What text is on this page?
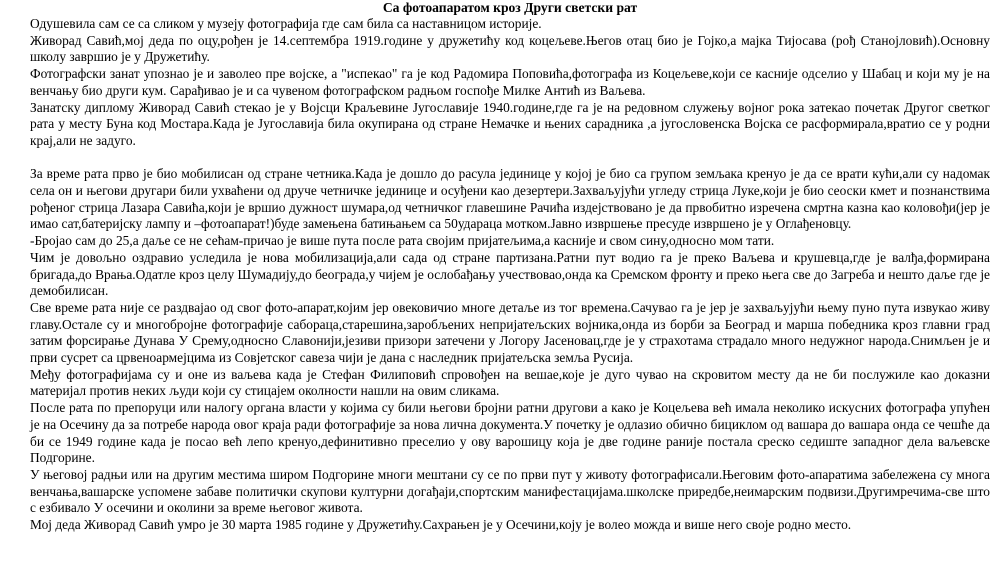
Са фотоапаратом кроз Други светски рат

Одушевила сам се са сликом у музеју фотографија где сам била са наставницом историје.

Живорад Савић,мој деда по оцу,рођен је 14.септембра 1919.године у дружетићу код коцељеве.Његов отац био је Гојко,а мајка Тијосава (рођ Станојловић).Основну школу завршио је у Дружетићу.

Фотографски занат упознао је и заволео пре војске, а "испекао" га је код Радомира Поповића,фотографа из Коцељеве,који се касније одселио у Шабац и који му је на венчању био други кум. Сарађивао је и са чувеном фотографском радњом госпође Милке Антић из Ваљева.

Занатску диплому Живорад Савић стекао је у Војсци Краљевине Југославије 1940.године,где га је на редовном служењу војног рока затекао почетак Другог светког рата у месту Буна код Мостара.Када је Југославија била окупирана од стране Немачке и њених сарадника ,а југословенска Војска се расформирала,вратио се у родни крај,али не задуго.

За време рата прво је био мобилисан од стране четника.Када је дошло до расула јединице у којој је био са групом земљака кренуо је да се врати кући,али су надомак села он и његови другари били ухваћени од друче четничке јединице и осуђени као дезертери.Захваљујући угледу стрица Луке,који је био сеоски кмет и познанствима рођеног стрица Лазара Савића,који је вршио дужност шумара,од четничког главешине Рачића издејствовано је да првобитно изречена смртна казна као коловођи(јер је имао сат,батеријску лампу и –фотоапарат!)буде замењена батињањем са 50удараца мотком.Јавно извршење пресуде извршено је у Оглађеновцу.

-Бројао сам до 25,а даље се не сећам-причао је више пута после рата својим пријатељима,а касније и свом сину,односно мом тати.

Чим је довољно оздравио уследила је нова мобилизација,али сада од стране партизана.Ратни пут водио га је преко Ваљева и крушевца,где је валђа,формирана бригада,до Врања.Одатле кроз целу Шумадију,до београда,у чијем је ослобађању учествовао,онда ка Сремском фронту и преко њега све до Загреба и нешто даље где је демобилисан.

Све време рата није се раздвајао од свог фото-апарат,којим јер овековичио многе детаље из тог времена.Сачувао га је јер је захваљујући њему пуно пута извукао живу главу.Остале су и многобројне фотографије сабораца,старешина,заробљених непријатељских војника,онда из борби за Београд и марша победника кроз главни град затим форсирање Дунава У Срему,односно Славонији,језиви призори затечени у Логору Јасеновац,где је у страхотама страдало много недужног народа.Снимљен је и први сусрет са црвеноармејцима из Совјетског савеза чији је дана с наследник пријатељска земља Русија.

Међу фотографијама су и оне из ваљева када је Стефан Филиповић спровођен на вешае,које је дуго чувао на скровитом месту да не би послужиле као доказни материјал против неких људи који су стицајем околности нашли на овим сликама.

После рата по препоруци или налогу органа власти у којима су били његови бројни ратни другови а како је Коцељева већ имала неколико искусних фотографа упућен је на Осечину да за потребе народа овог краја ради фотографије за нова лична документа.У почетку је одлазио обично бициклом од вашара до вашара онда се чешће да би се 1949 године када је посао већ лепо кренуо,дефинитивно преселио у ову варошицу која је две године раније постала среско седиште западног дела ваљевске Подгорине.

У његовој радњи или на другим местима широм Подгорине многи мештани су се по први пут у животу фотографисали.Његовим фото-апаратима забележена су многа венчања,вашарске успомене забаве политички скупови културни догађаји,спортским манифестацијама.школске приредбе,неимарским подвизи.Другимречима-све што с езбивало У осечини и околини за време његовог живота.

Мој деда Живорад Савић умро је 30 марта 1985 године у Дружетићу.Сахрањен је у Осечини,коју је волео можда и више него своје родно место.
